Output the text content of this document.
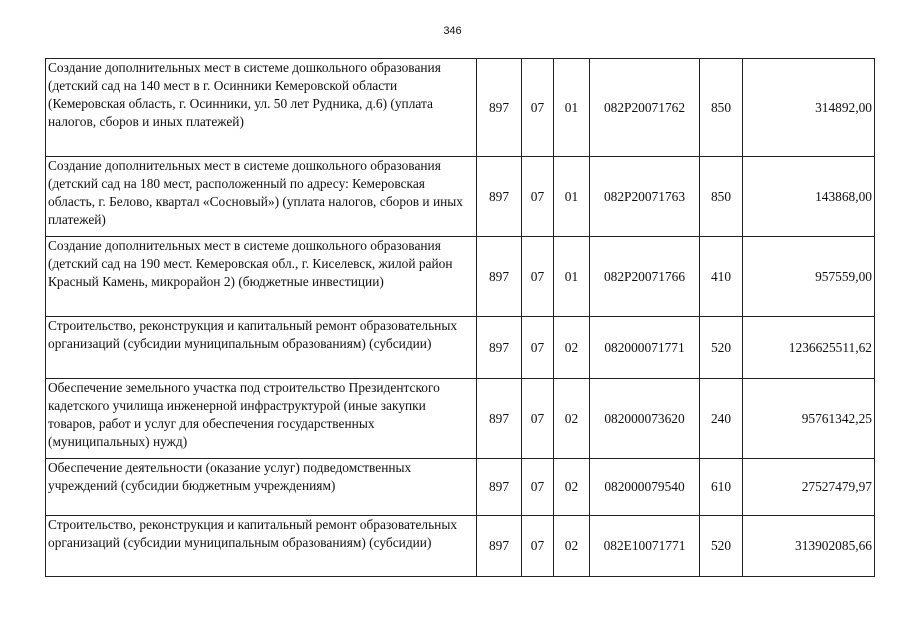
346
Создание дополнительных мест в системе дошкольного образования (детский сад на 140 мест в г. Осинники Кемеровской области (Кемеровская область, г. Осинники, ул. 50 лет Рудника, д.6) (уплата налогов, сборов и иных платежей)	897	07	01	082P20071762	850	314892,00
Создание дополнительных мест в системе дошкольного образования (детский сад на 180 мест, расположенный по адресу: Кемеровская область, г. Белово, квартал «Сосновый») (уплата налогов, сборов и иных платежей)	897	07	01	082P20071763	850	143868,00
Создание дополнительных мест в системе дошкольного образования (детский сад на 190 мест. Кемеровская обл., г. Киселевск, жилой район Красный Камень, микрорайон 2) (бюджетные инвестиции)	897	07	01	082P20071766	410	957559,00
Строительство, реконструкция и капитальный ремонт образовательных организаций (субсидии муниципальным образованиям) (субсидии)	897	07	02	082000071771	520	1236625511,62
Обеспечение земельного участка под строительство Президентского кадетского училища инженерной инфраструктурой (иные закупки товаров, работ и услуг для обеспечения государственных (муниципальных) нужд)	897	07	02	082000073620	240	95761342,25
Обеспечение деятельности (оказание услуг) подведомственных учреждений (субсидии бюджетным учреждениям)	897	07	02	082000079540	610	27527479,97
Строительство, реконструкция и капитальный ремонт образовательных организаций (субсидии муниципальным образованиям) (субсидии)	897	07	02	082E10071771	520	313902085,66
